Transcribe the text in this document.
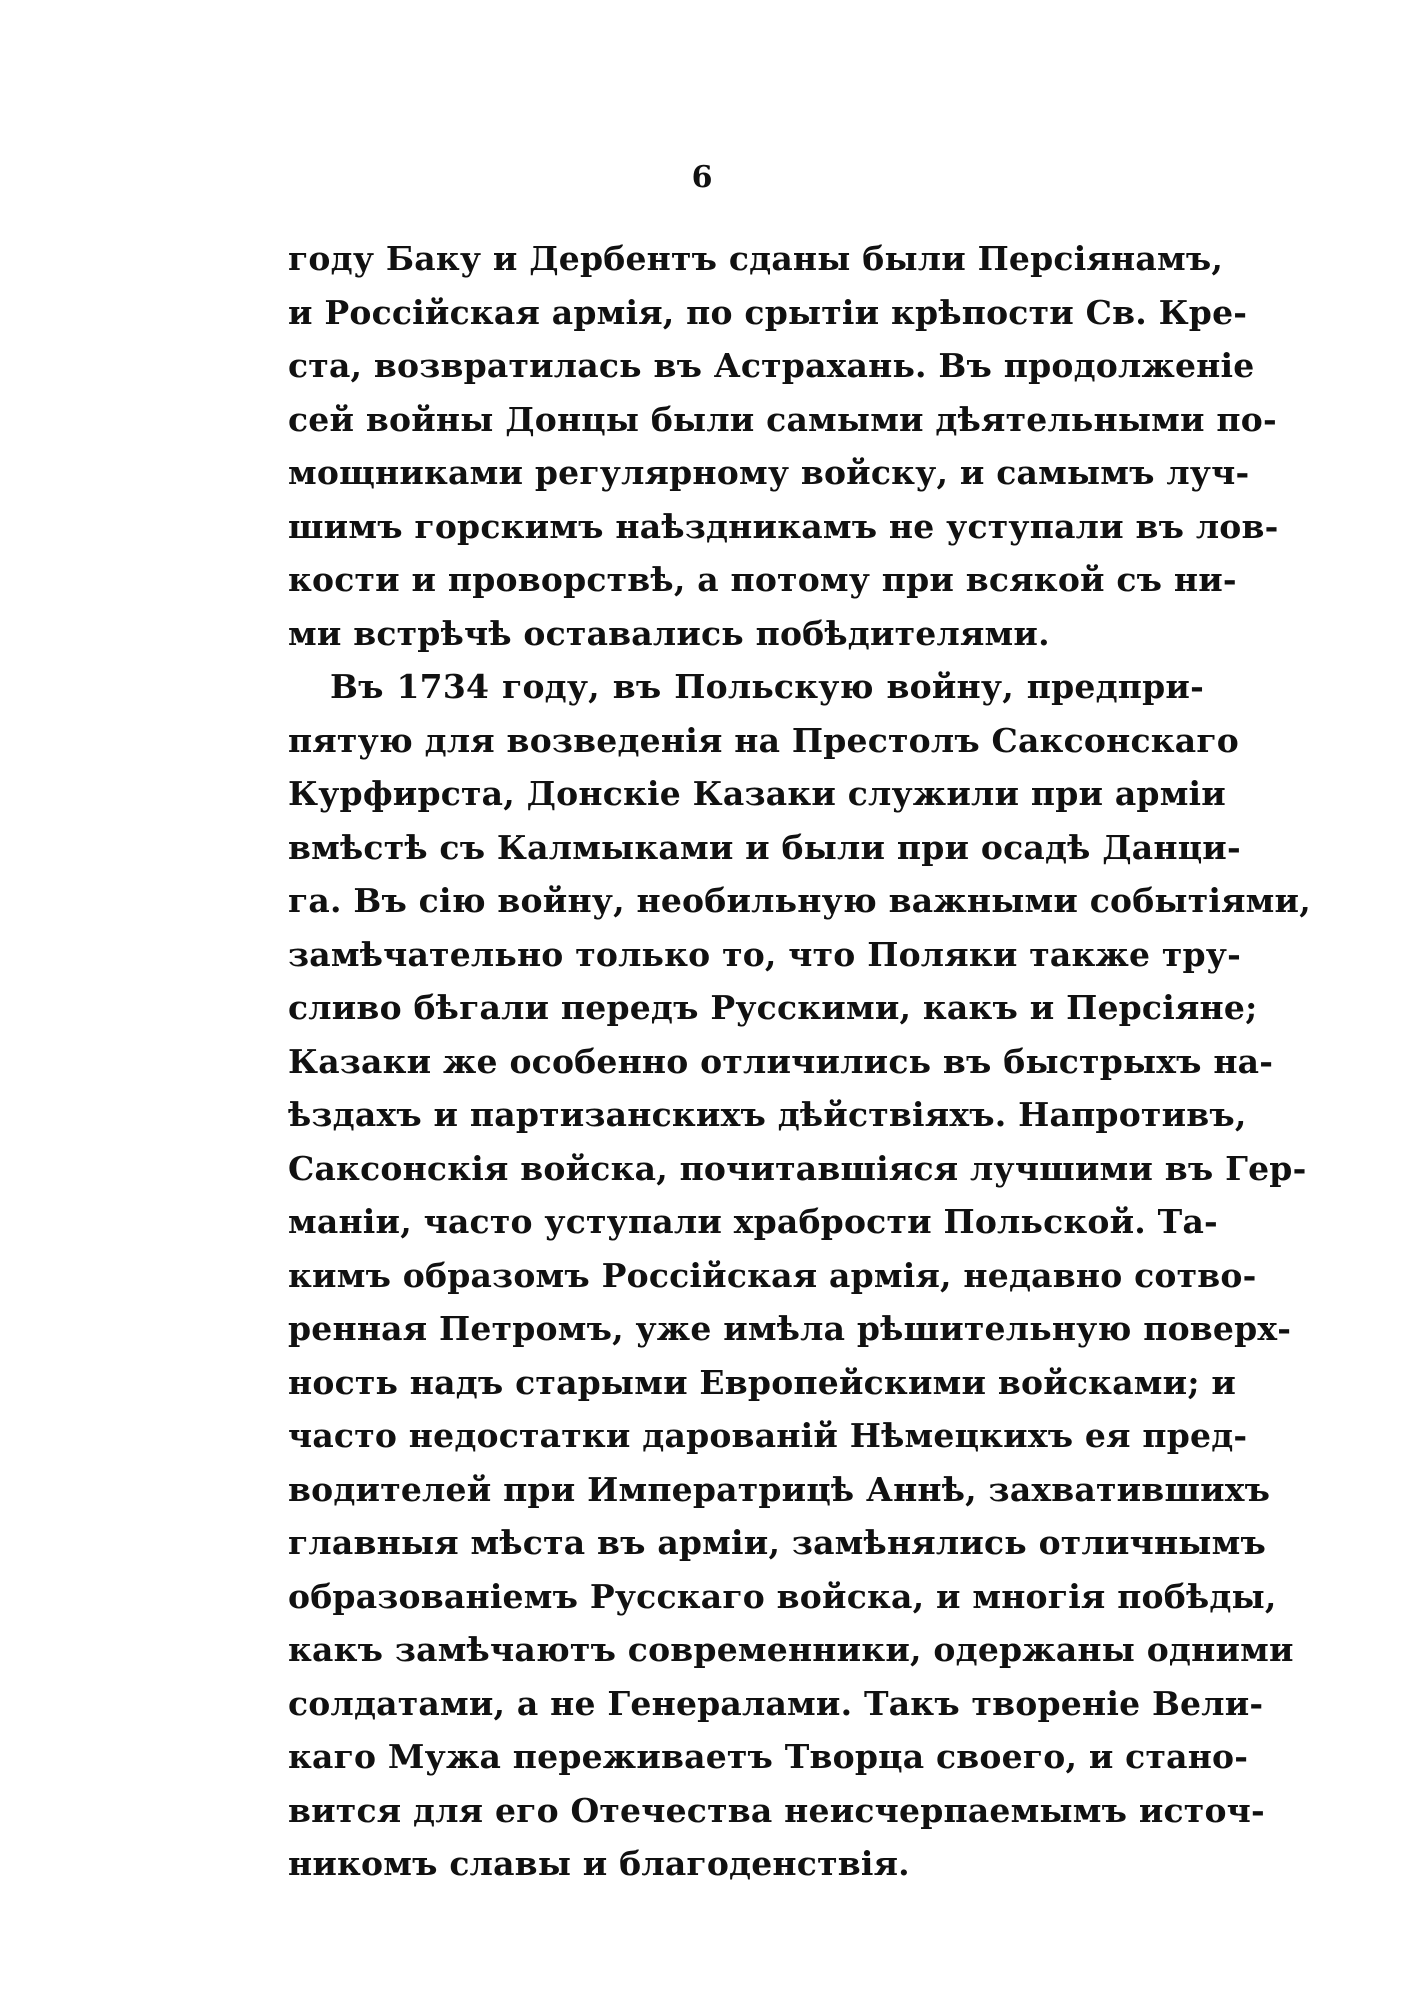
6
году Баку и Дербентъ сданы были Персiянамъ,
и Россiйская армiя, по срытiи крѣпости Св. Кре-
ста, возвратилась въ Астрахань. Въ продолженiе
сей войны Донцы были самыми дѣятельными по-
мощниками регулярному войску, и самымъ луч-
шимъ горскимъ наѣздникамъ не уступали въ лов-
кости и проворствѣ, а потому при всякой съ ни-
ми встрѣчѣ оставались побѣдителями.
Въ 1734 году, въ Польскую войну, предпри-
пятую для возведенiя на Престолъ Саксонскаго
Курфирста, Донскiе Казаки служили при армiи
вмѣстѣ съ Калмыками и были при осадѣ Данци-
га. Въ сiю войну, необильную важными событiями,
замѣчательно только то, что Поляки также тру-
сливо бѣгали передъ Русскими, какъ и Персiяне;
Казаки же особенно отличились въ быстрыхъ на-
ѣздахъ и партизанскихъ дѣйствiяхъ. Напротивъ,
Саксонскiя войска, почитавшiяся лучшими въ Гер-
манiи, часто уступали храбрости Польской. Та-
кимъ образомъ Россiйская армiя, недавно сотво-
ренная Петромъ, уже имѣла рѣшительную поверх-
ность надъ старыми Европейскими войсками; и
часто недостатки дарованiй Нѣмецкихъ ея пред-
водителей при Императрицѣ Аннѣ, захватившихъ
главныя мѣста въ армiи, замѣнялись отличнымъ
образованiемъ Русскаго войска, и многiя побѣды,
какъ замѣчаютъ современники, одержаны одними
солдатами, а не Генералами. Такъ творенiе Вели-
каго Мужа переживаетъ Творца своего, и стано-
вится для его Отечества неисчерпаемымъ источ-
никомъ славы и благоденствiя.
